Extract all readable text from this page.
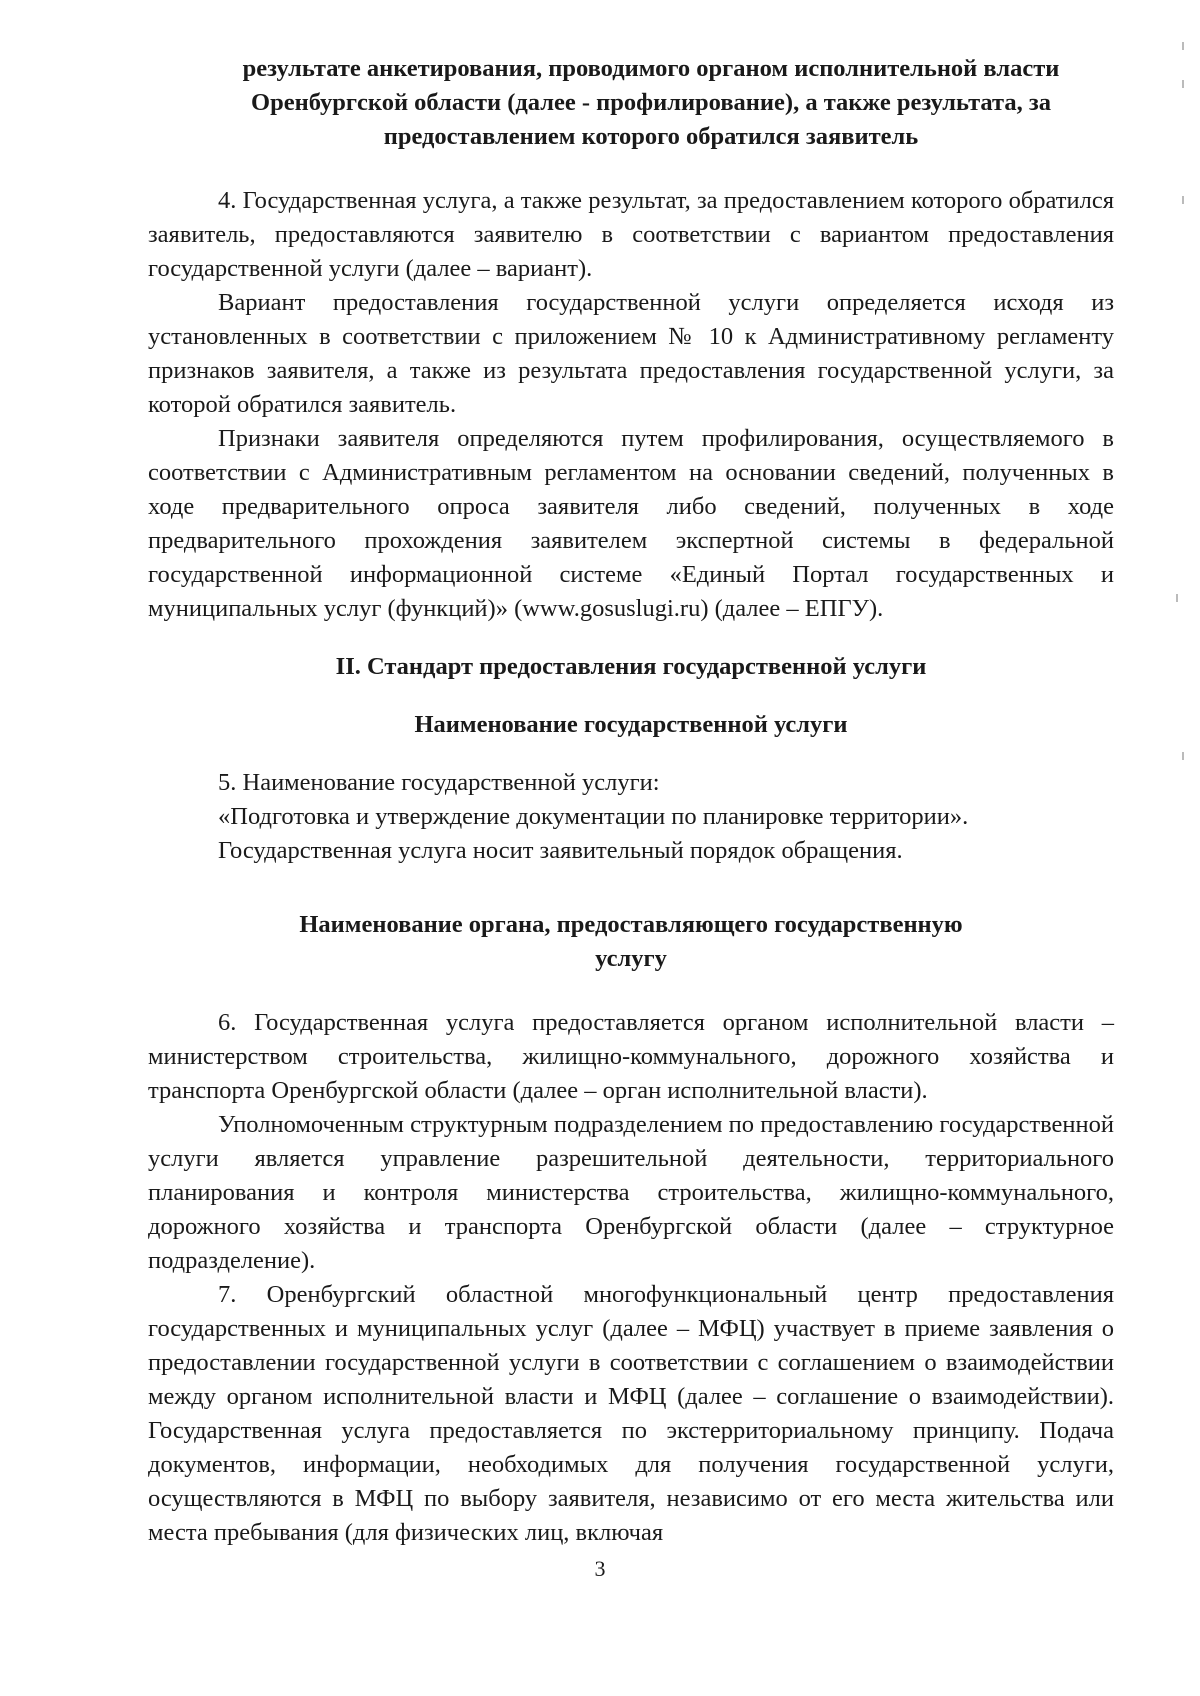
результате анкетирования, проводимого органом исполнительной власти Оренбургской области (далее - профилирование), а также результата, за предоставлением которого обратился заявитель

4. Государственная услуга, а также результат, за предоставлением которого обратился заявитель, предоставляются заявителю в соответствии с вариантом предоставления государственной услуги (далее – вариант).

Вариант предоставления государственной услуги определяется исходя из установленных в соответствии с приложением № 10 к Административному регламенту признаков заявителя, а также из результата предоставления государственной услуги, за которой обратился заявитель.

Признаки заявителя определяются путем профилирования, осуществляемого в соответствии с Административным регламентом на основании сведений, полученных в ходе предварительного опроса заявителя либо сведений, полученных в ходе предварительного прохождения заявителем экспертной системы в федеральной государственной информационной системе «Единый Портал государственных и муниципальных услуг (функций)» (www.gosuslugi.ru) (далее – ЕПГУ).

II. Стандарт предоставления государственной услуги

Наименование государственной услуги

5. Наименование государственной услуги:

«Подготовка и утверждение документации по планировке территории».

Государственная услуга носит заявительный порядок обращения.

Наименование органа, предоставляющего государственную

услугу

6. Государственная услуга предоставляется органом исполнительной власти – министерством строительства, жилищно-коммунального, дорожного хозяйства и транспорта Оренбургской области (далее – орган исполнительной власти).

Уполномоченным структурным подразделением по предоставлению государственной услуги является управление разрешительной деятельности, территориального планирования и контроля министерства строительства, жилищно-коммунального, дорожного хозяйства и транспорта Оренбургской области (далее – структурное подразделение).

7. Оренбургский областной многофункциональный центр предоставления государственных и муниципальных услуг (далее – МФЦ) участвует в приеме заявления о предоставлении государственной услуги в соответствии с соглашением о взаимодействии между органом исполнительной власти и МФЦ (далее – соглашение о взаимодействии). Государственная услуга предоставляется по экстерриториальному принципу. Подача документов, информации, необходимых для получения государственной услуги, осуществляются в МФЦ по выбору заявителя, независимо от его места жительства или места пребывания (для физических лиц, включая

3
